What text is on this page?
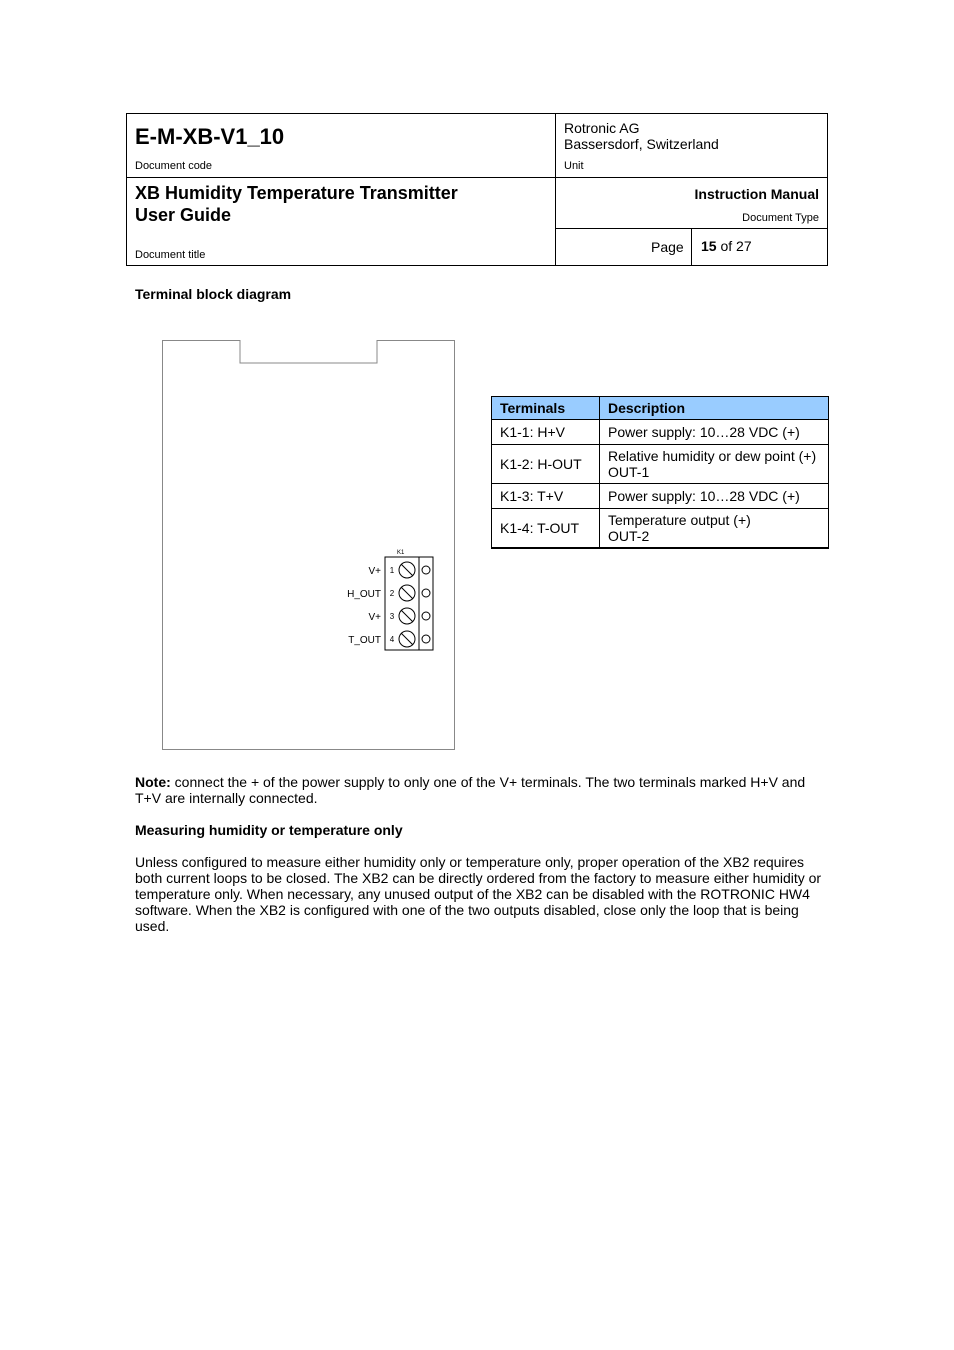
E-M-XB-V1_10
Document code
Rotronic AG
Bassersdorf, Switzerland
Unit
XB Humidity Temperature Transmitter
User Guide
Document title
Instruction Manual
Document Type
Page 15 of 27
Terminal block diagram
K1
V+ 1
H_OUT 2
V+ 3
T_OUT 4
Terminals	Description
K1-1: H+V	Power supply: 10…28 VDC (+)
K1-2: H-OUT	Relative humidity or dew point (+)
OUT-1

K1-3: T+V	Power supply: 10…28 VDC (+)
K1-4: T-OUT	Temperature output (+)
OUT-2
Note: connect the + of the power supply to only one of the V+ terminals. The two terminals marked H+V and T+V are internally connected.
Measuring humidity or temperature only
Unless configured to measure either humidity only or temperature only, proper operation of the XB2 requires both current loops to be closed. The XB2 can be directly ordered from the factory to measure either humidity or temperature only. When necessary, any unused output of the XB2 can be disabled with the ROTRONIC HW4 software. When the XB2 is configured with one of the two outputs disabled, close only the loop that is being used.
